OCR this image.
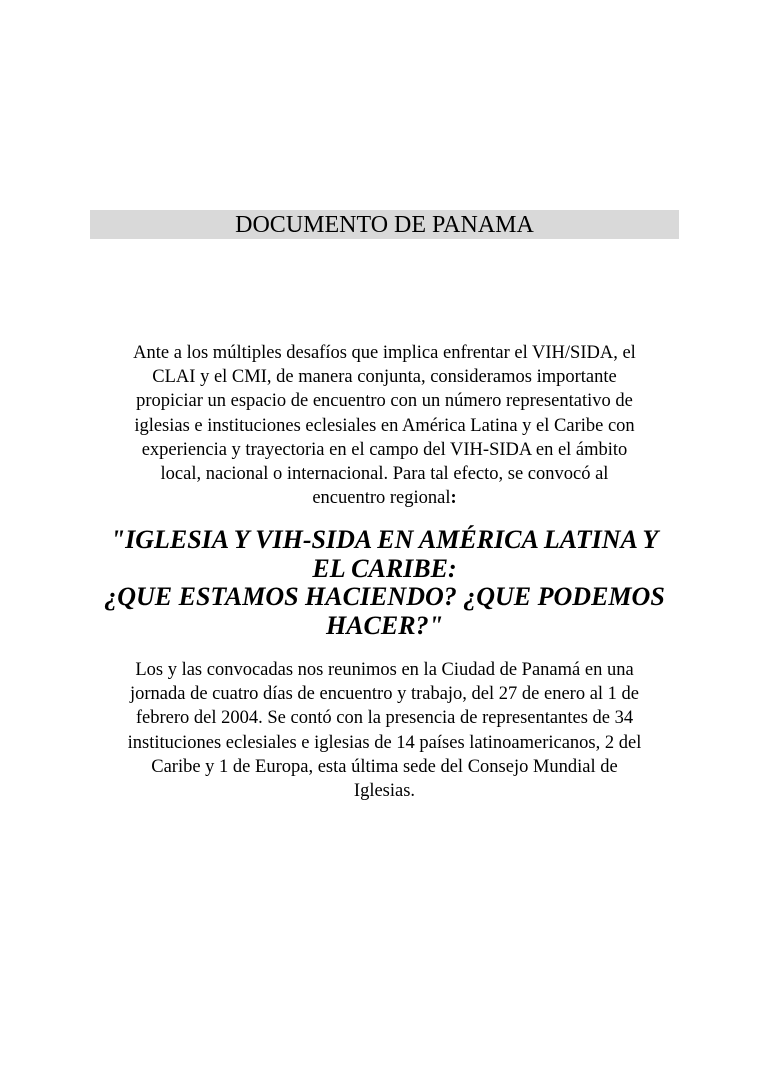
DOCUMENTO DE PANAMA
Ante a los múltiples desafíos que implica enfrentar el VIH/SIDA, el
CLAI y el CMI, de manera conjunta, consideramos importante
propiciar un espacio de encuentro con un número representativo de
iglesias e instituciones eclesiales en América Latina y el Caribe con
experiencia y trayectoria en el campo del VIH-SIDA en el ámbito
local, nacional o internacional. Para tal efecto, se convocó al
encuentro regional:
"IGLESIA Y VIH-SIDA EN AMÉRICA LATINA Y
EL CARIBE:
¿QUE ESTAMOS HACIENDO? ¿QUE PODEMOS
HACER?"
Los y las convocadas nos reunimos en la Ciudad de Panamá en una
jornada de cuatro días de encuentro y trabajo, del 27 de enero al 1 de
febrero del 2004. Se contó con la presencia de representantes de 34
instituciones eclesiales e iglesias de 14 países latinoamericanos, 2 del
Caribe y 1 de Europa, esta última sede del Consejo Mundial de
Iglesias.
